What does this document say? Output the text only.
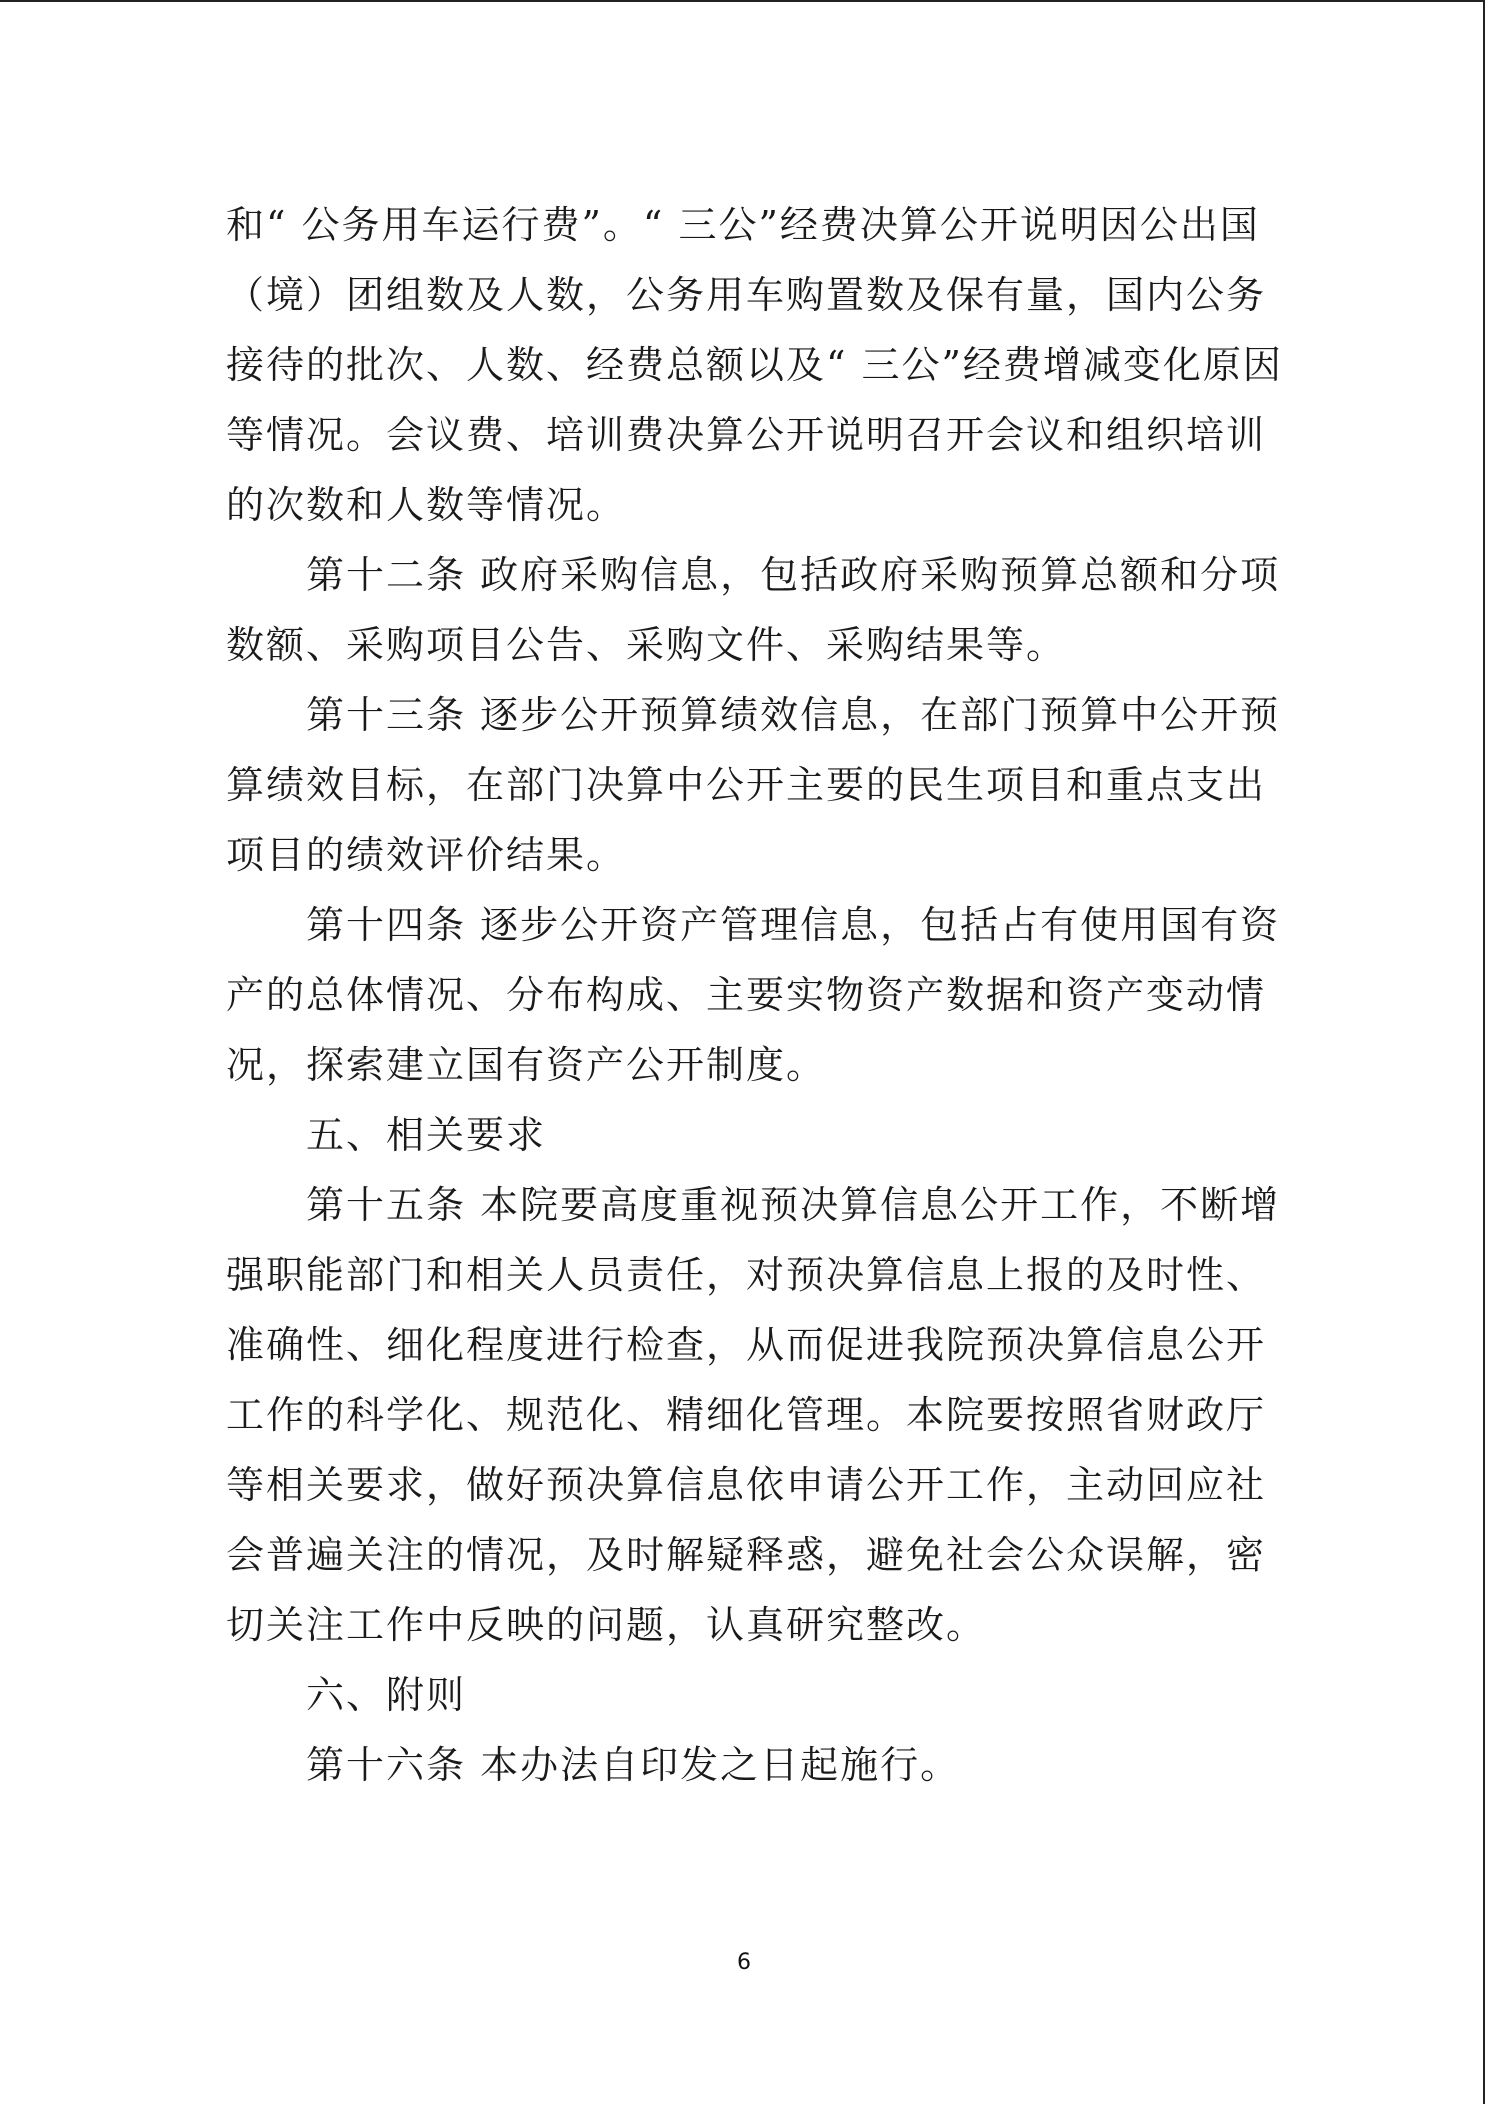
和“ 公务用车运行费”。“ 三公”经费决算公开说明因公出国（境）团组数及人数，公务用车购置数及保有量，国内公务接待的批次、人数、经费总额以及“ 三公”经费增减变化原因等情况。会议费、培训费决算公开说明召开会议和组织培训的次数和人数等情况。

第十二条 政府采购信息，包括政府采购预算总额和分项数额、采购项目公告、采购文件、采购结果等。

第十三条 逐步公开预算绩效信息，在部门预算中公开预算绩效目标，在部门决算中公开主要的民生项目和重点支出项目的绩效评价结果。

第十四条 逐步公开资产管理信息，包括占有使用国有资产的总体情况、分布构成、主要实物资产数据和资产变动情况，探索建立国有资产公开制度。

五、相关要求

第十五条 本院要高度重视预决算信息公开工作，不断增强职能部门和相关人员责任，对预决算信息上报的及时性、准确性、细化程度进行检查，从而促进我院预决算信息公开工作的科学化、规范化、精细化管理。本院要按照省财政厅等相关要求，做好预决算信息依申请公开工作，主动回应社会普遍关注的情况，及时解疑释惑，避免社会公众误解，密切关注工作中反映的问题，认真研究整改。

六、附则

第十六条 本办法自印发之日起施行。

6
